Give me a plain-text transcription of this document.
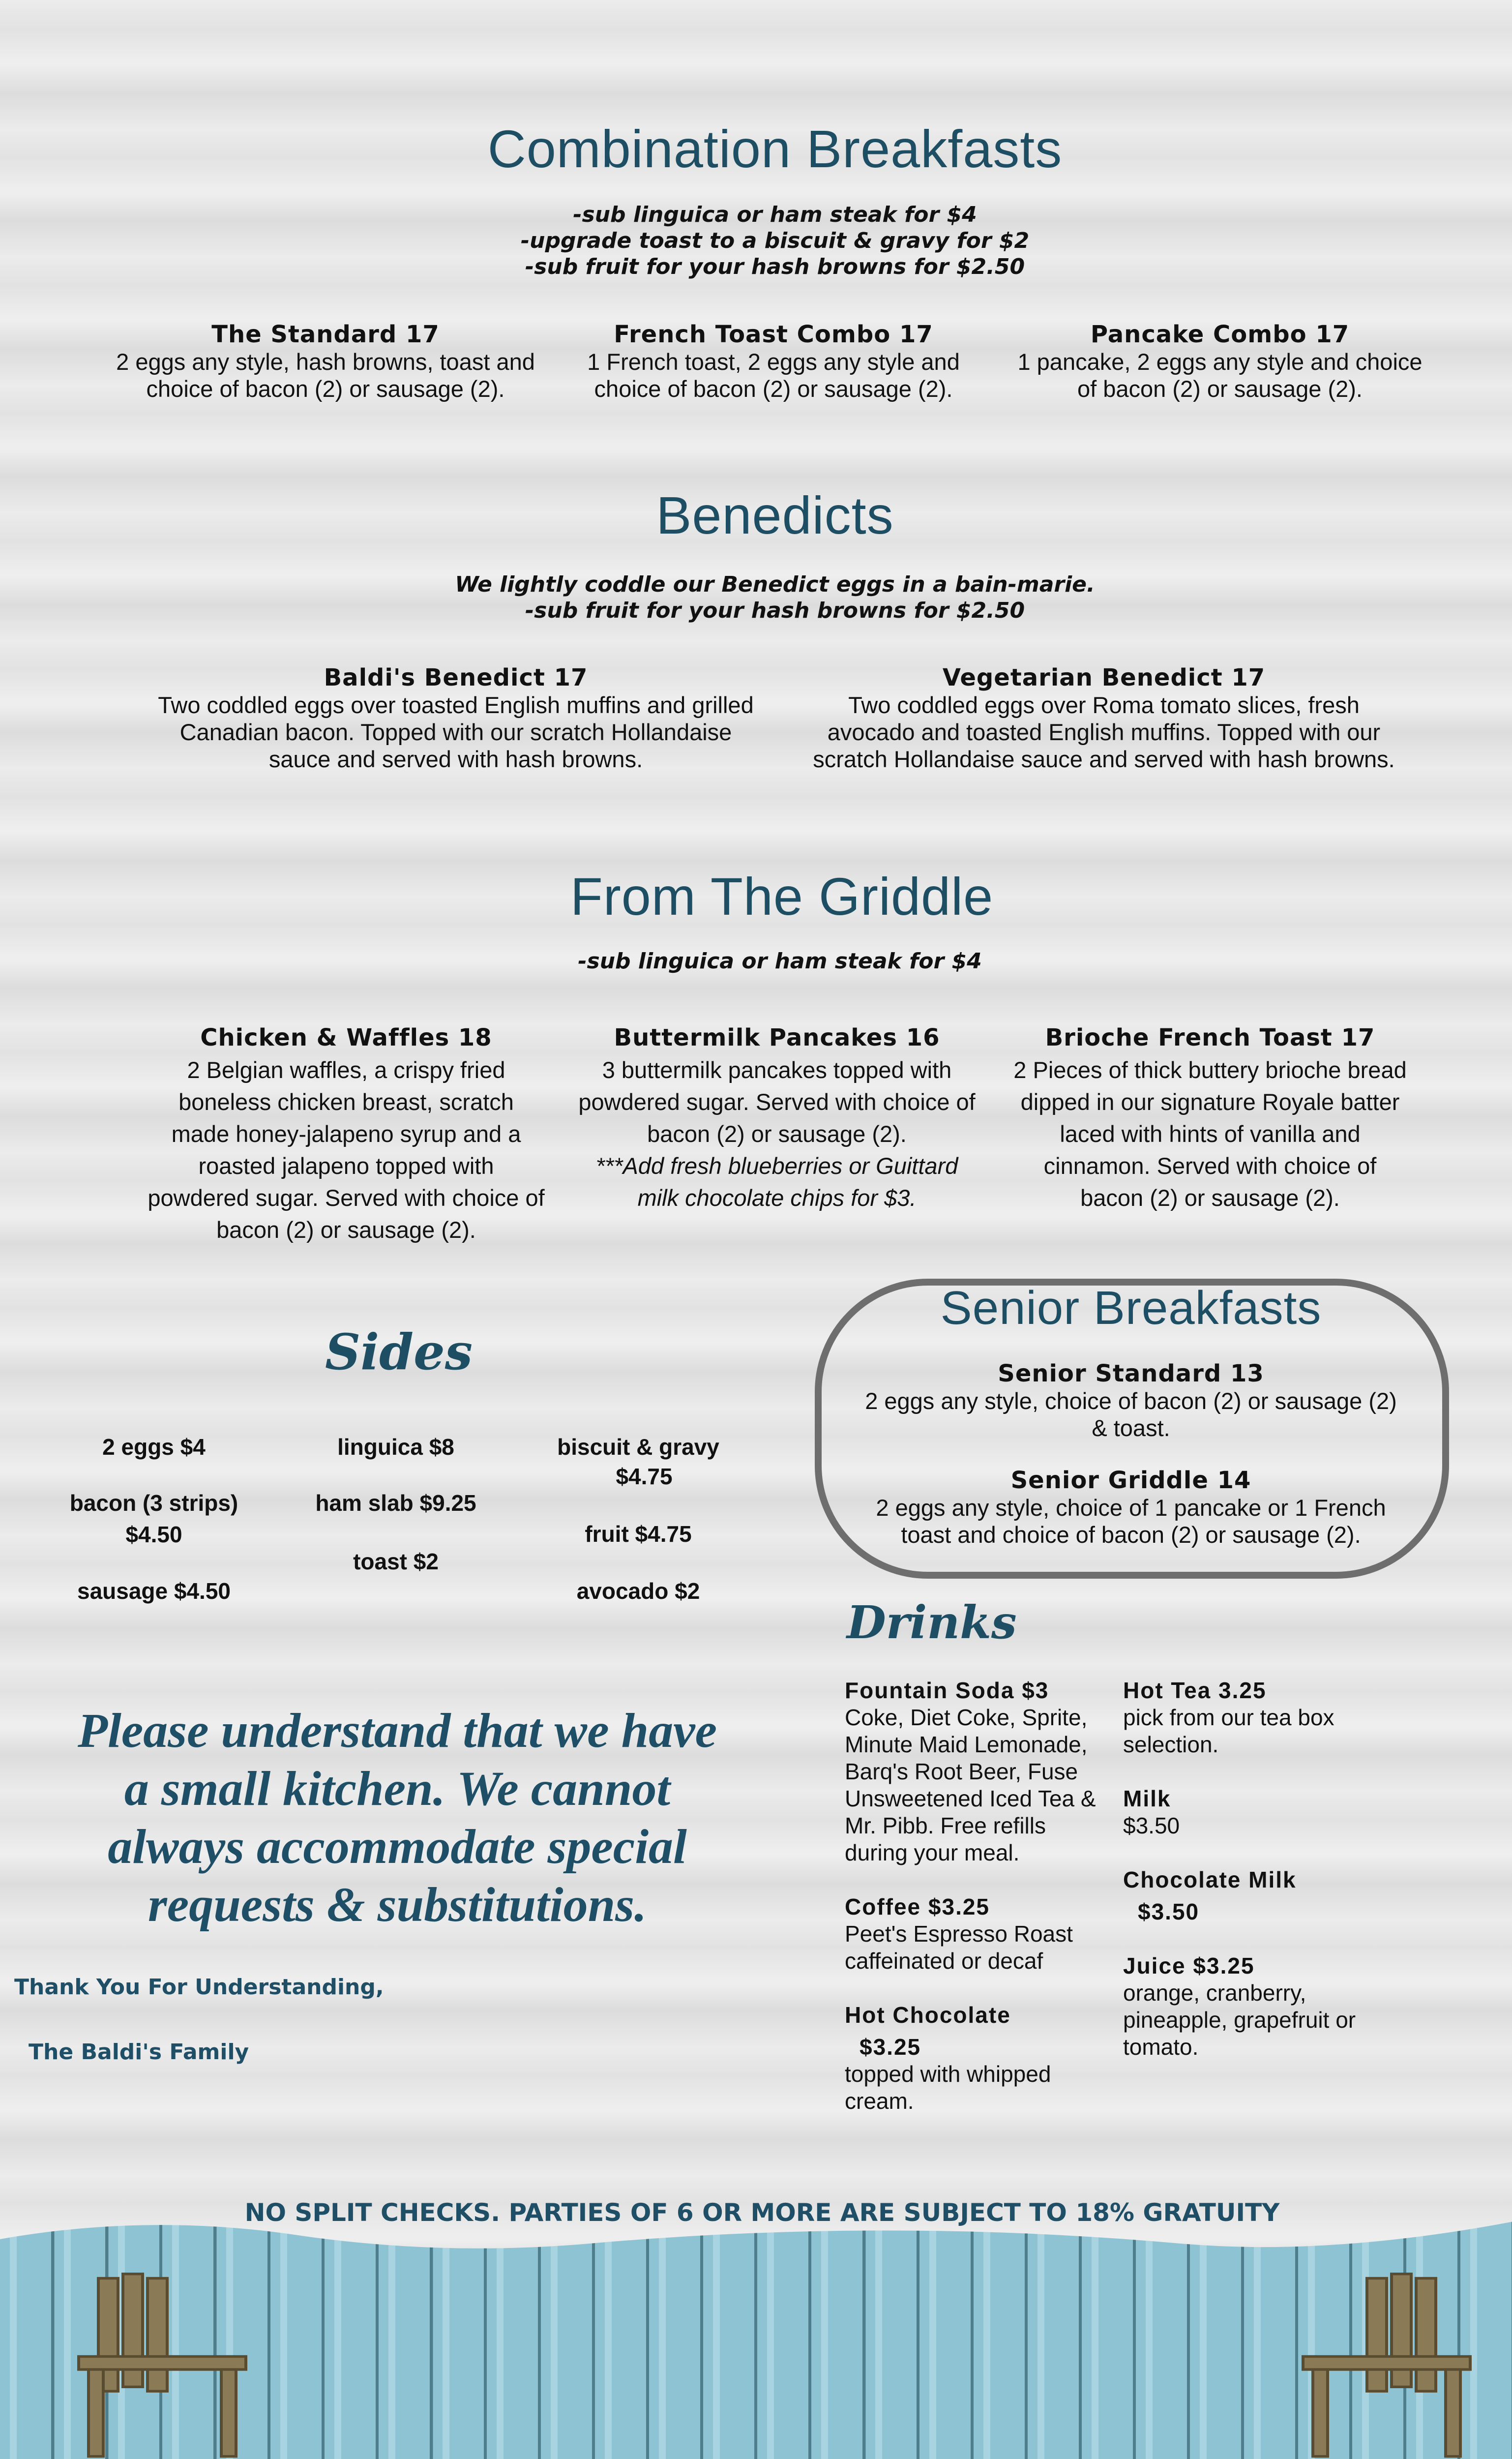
Combination Breakfasts
-sub linguica or ham steak for $4
-upgrade toast to a biscuit & gravy for $2
-sub fruit for your hash browns for $2.50
The Standard 17
2 eggs any style, hash browns, toast and
choice of bacon (2) or sausage (2).
French Toast Combo 17
1 French toast, 2 eggs any style and
choice of bacon (2) or sausage (2).
Pancake Combo 17
1 pancake, 2 eggs any style and choice
of bacon (2) or sausage (2).
Benedicts
We lightly coddle our Benedict eggs in a bain-marie.
-sub fruit for your hash browns for $2.50
Baldi's Benedict 17
Two coddled eggs over toasted English muffins and grilled
Canadian bacon. Topped with our scratch Hollandaise
sauce and served with hash browns.
Vegetarian Benedict 17
Two coddled eggs over Roma tomato slices, fresh
avocado and toasted English muffins. Topped with our
scratch Hollandaise sauce and served with hash browns.
From The Griddle
-sub linguica or ham steak for $4
Chicken & Waffles 18
2 Belgian waffles, a crispy fried
boneless chicken breast, scratch
made honey-jalapeno syrup and a
roasted jalapeno topped with
powdered sugar. Served with choice of
bacon (2) or sausage (2).
Buttermilk Pancakes 16
3 buttermilk pancakes topped with
powdered sugar. Served with choice of
bacon (2) or sausage (2).
***Add fresh blueberries or Guittard
milk chocolate chips for $3.
Brioche French Toast 17
2 Pieces of thick buttery brioche bread
dipped in our signature Royale batter
laced with hints of vanilla and
cinnamon. Served with choice of
bacon (2) or sausage (2).
Sides
2 eggs $4
bacon (3 strips)
$4.50
sausage $4.50
linguica $8
ham slab $9.25
toast $2
biscuit & gravy
$4.75
fruit $4.75
avocado $2
Senior Breakfasts
Senior Standard 13
2 eggs any style, choice of bacon (2) or sausage (2)
& toast.
Senior Griddle 14
2 eggs any style, choice of 1 pancake or 1 French
toast and choice of bacon (2) or sausage (2).
Drinks
Fountain Soda $3
Coke, Diet Coke, Sprite,
Minute Maid Lemonade,
Barq's Root Beer, Fuse
Unsweetened Iced Tea &
Mr. Pibb. Free refills
during your meal.
Coffee $3.25
Peet's Espresso Roast
caffeinated or decaf
Hot Chocolate
$3.25
topped with whipped
cream.
Hot Tea 3.25
pick from our tea box
selection.
Milk
$3.50
Chocolate Milk
$3.50
Juice $3.25
orange, cranberry,
pineapple, grapefruit or
tomato.
Please understand that we have
a small kitchen. We cannot
always accommodate special
requests & substitutions.
Thank You For Understanding,
The Baldi's Family
NO SPLIT CHECKS. PARTIES OF 6 OR MORE ARE SUBJECT TO 18% GRATUITY
